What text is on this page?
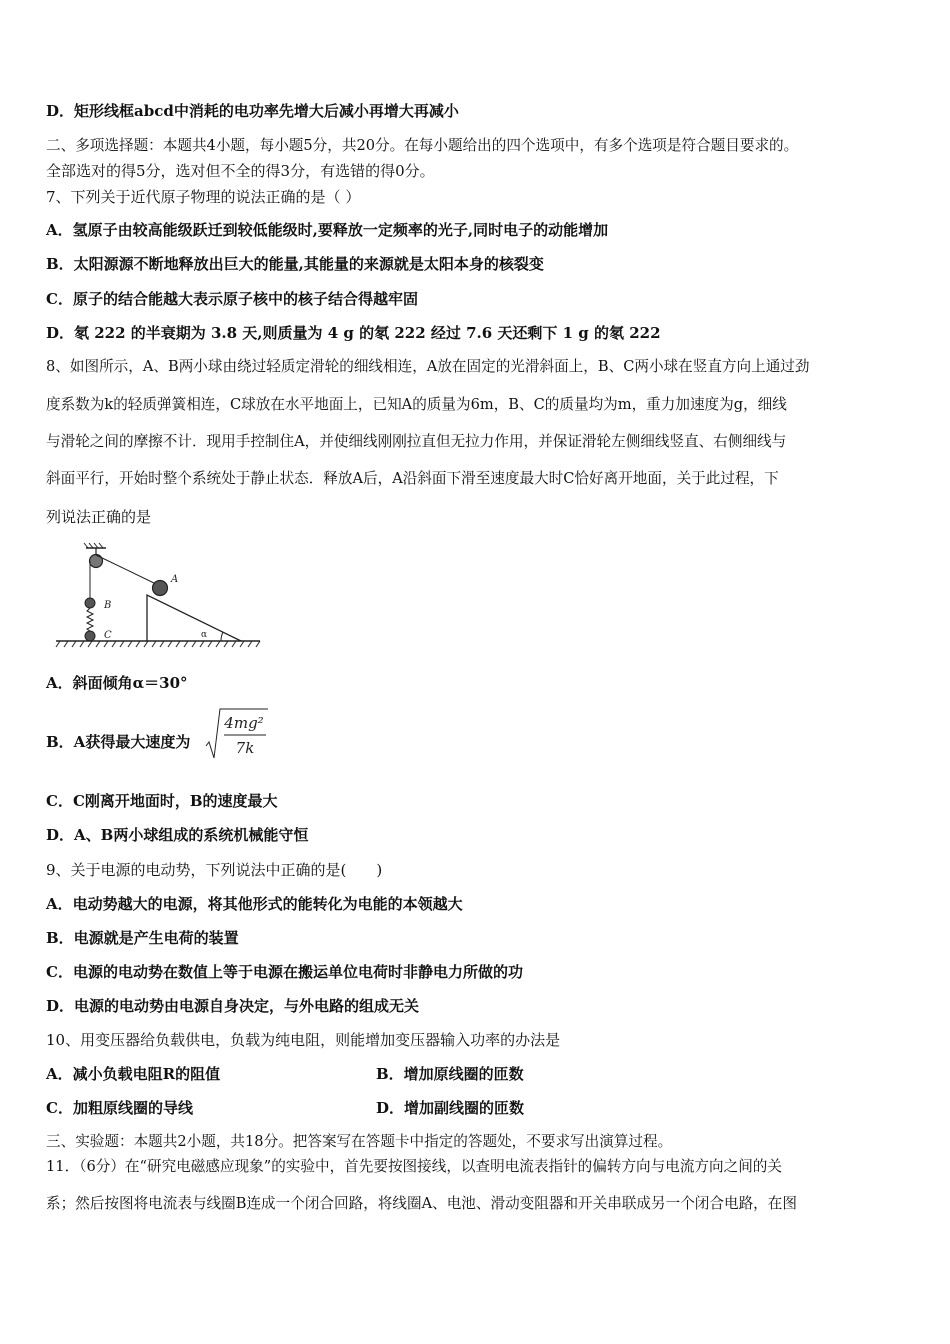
D．矩形线框abcd中消耗的电功率先增大后减小再增大再减小
二、多项选择题：本题共4小题，每小题5分，共20分。在每小题给出的四个选项中，有多个选项是符合题目要求的。
全部选对的得5分，选对但不全的得3分，有选错的得0分。
7、下列关于近代原子物理的说法正确的是（ ）
A．氢原子由较高能级跃迁到较低能级时,要释放一定频率的光子,同时电子的动能增加
B．太阳源源不断地释放出巨大的能量,其能量的来源就是太阳本身的核裂变
C．原子的结合能越大表示原子核中的核子结合得越牢固
D．氡 222 的半衰期为 3.8 天,则质量为 4 g 的氡 222 经过 7.6 天还剩下 1 g 的氡 222
8、如图所示，A、B两小球由绕过轻质定滑轮的细线相连，A放在固定的光滑斜面上，B、C两小球在竖直方向上通过劲
度系数为k的轻质弹簧相连，C球放在水平地面上，已知A的质量为6m，B、C的质量均为m，重力加速度为g，细线
与滑轮之间的摩擦不计．现用手控制住A，并使细线刚刚拉直但无拉力作用，并保证滑轮左侧细线竖直、右侧细线与
斜面平行，开始时整个系统处于静止状态．释放A后，A沿斜面下滑至速度最大时C恰好离开地面，关于此过程，下
列说法正确的是
A
B
C	α
A．斜面倾角α＝30°
B．A获得最大速度为
4mg²
7k
C．C刚离开地面时，B的速度最大
D．A、B两小球组成的系统机械能守恒
9、关于电源的电动势，下列说法中正确的是(　　)
A．电动势越大的电源，将其他形式的能转化为电能的本领越大
B．电源就是产生电荷的装置
C．电源的电动势在数值上等于电源在搬运单位电荷时非静电力所做的功
D．电源的电动势由电源自身决定，与外电路的组成无关
10、用变压器给负载供电，负载为纯电阻，则能增加变压器输入功率的办法是
A．减小负载电阻R的阻值	B．增加原线圈的匝数
C．加粗原线圈的导线	D．增加副线圈的匝数
三、实验题：本题共2小题，共18分。把答案写在答题卡中指定的答题处，不要求写出演算过程。
11．（6分）在“研究电磁感应现象”的实验中，首先要按图接线，以查明电流表指针的偏转方向与电流方向之间的关
系；然后按图将电流表与线圈B连成一个闭合回路，将线圈A、电池、滑动变阻器和开关串联成另一个闭合电路，在图
